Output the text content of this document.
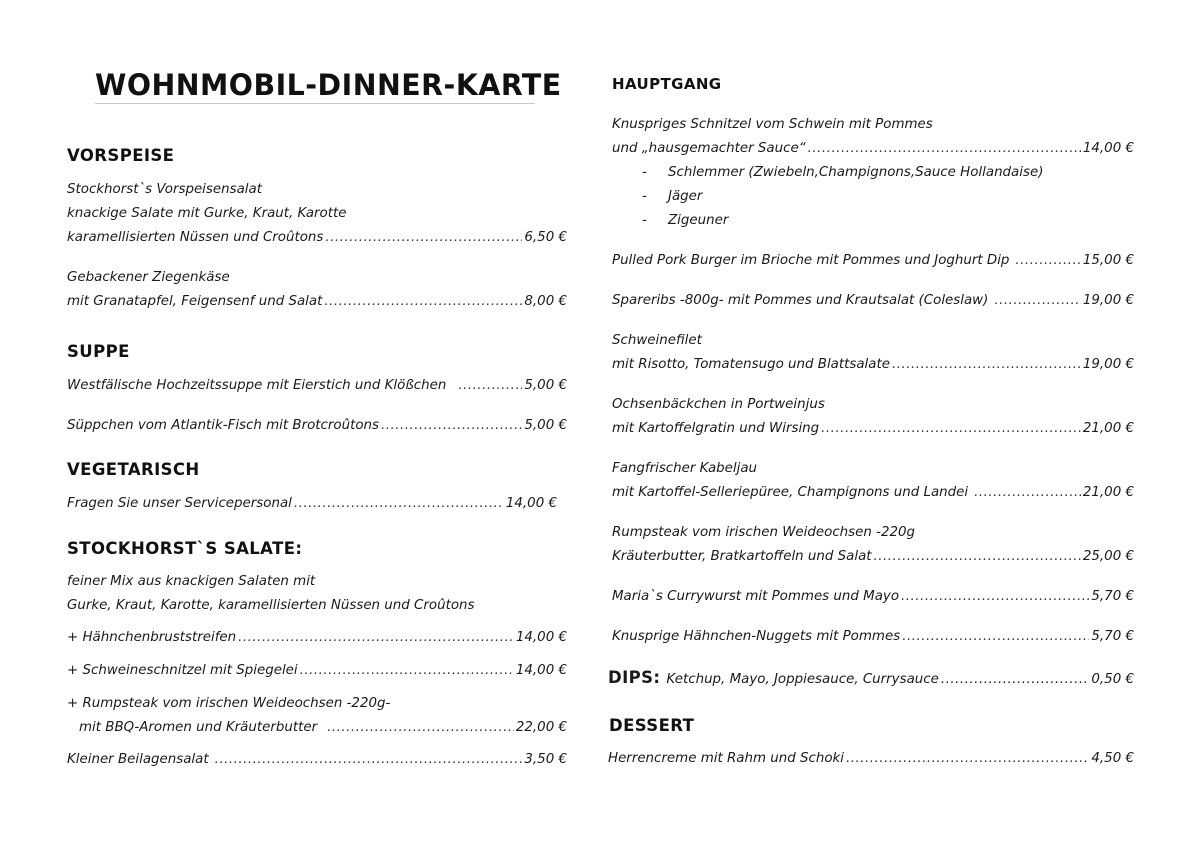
WOHNMOBIL-DINNER-KARTE
VORSPEISE
Stockhorst`s Vorspeisensalat
knackige Salate mit Gurke, Kraut, Karotte
karamellisierten Nüssen und Croûtons .....	6,50 €
Gebackener Ziegenkäse
mit Granatapfel, Feigensenf und Salat .....	8,00 €
SUPPE
Westfälische Hochzeitssuppe mit Eierstich und Klößchen .....	5,00 €
Süppchen vom Atlantik-Fisch mit Brotcroûtons .....	5,00 €
VEGETARISCH
Fragen Sie unser Servicepersonal .....	14,00 €
STOCKHORST`S SALATE:
feiner Mix aus knackigen Salaten mit
Gurke, Kraut, Karotte, karamellisierten Nüssen und Croûtons
+ Hähnchenbruststreifen .....	14,00 €
+ Schweineschnitzel mit Spiegelei .....	14,00 €
+ Rumpsteak vom irischen Weideochsen -220g-
mit BBQ-Aromen und Kräuterbutter .....	22,00 €
Kleiner Beilagensalat .....	3,50 €
HAUPTGANG
Knuspriges Schnitzel vom Schwein mit Pommes
und „hausgemachter Sauce“ .....	14,00 €
- Schlemmer (Zwiebeln,Champignons,Sauce Hollandaise)
- Jäger
- Zigeuner
Pulled Pork Burger im Brioche mit Pommes und Joghurt Dip .....	15,00 €
Spareribs -800g- mit Pommes und Krautsalat (Coleslaw) .....	19,00 €
Schweinefilet
mit Risotto, Tomatensugo und Blattsalate .....	19,00 €
Ochsenbäckchen in Portweinjus
mit Kartoffelgratin und Wirsing .....	21,00 €
Fangfrischer Kabeljau
mit Kartoffel-Selleriepüree, Champignons und Landei .....	21,00 €
Rumpsteak vom irischen Weideochsen -220g
Kräuterbutter, Bratkartoffeln und Salat .....	25,00 €
Maria`s Currywurst mit Pommes und Mayo .....	5,70 €
Knusprige Hähnchen-Nuggets mit Pommes .....	5,70 €
DIPS: Ketchup, Mayo, Joppiesauce, Currysauce .....	0,50 €
DESSERT
Herrencreme mit Rahm und Schoki .....	4,50 €
